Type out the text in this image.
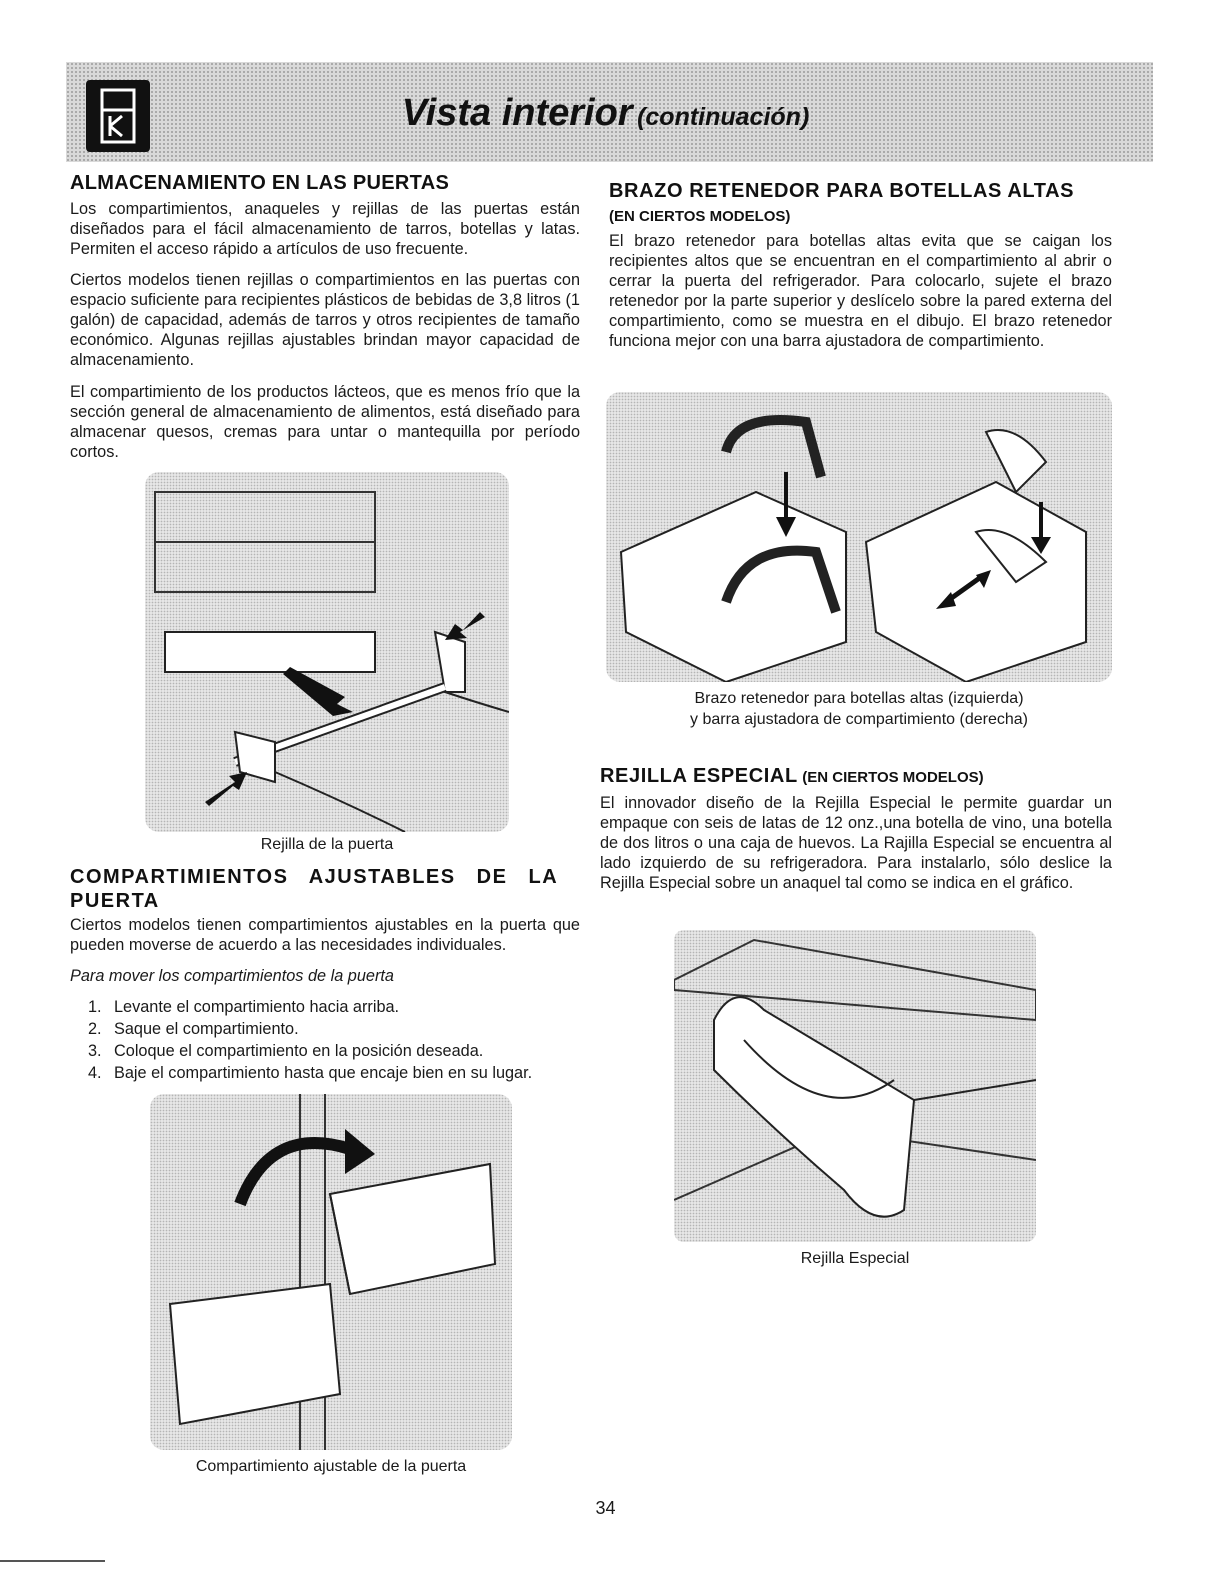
Vista interior (continuación)
ALMACENAMIENTO EN LAS PUERTAS

Los compartimientos, anaqueles y rejillas de las puertas están diseñados para el fácil almacenamiento de tarros, botellas y latas. Permiten el acceso rápido a artículos de uso frecuente.

Ciertos modelos tienen rejillas o compartimientos en las puertas con espacio suficiente para recipientes plásticos de bebidas de 3,8 litros (1 galón) de capacidad, además de tarros y otros recipientes de tamaño económico. Algunas rejillas ajustables brindan mayor capacidad de almacenamiento.

El compartimiento de los productos lácteos, que es menos frío que la sección general de almacenamiento de alimentos, está diseñado para almacenar quesos, cremas para untar o mantequilla por período cortos.

Rejilla de la puerta
COMPARTIMIENTOS AJUSTABLES DE LA PUERTA

Ciertos modelos tienen compartimientos ajustables en la puerta que pueden moverse de acuerdo a las necesidades individuales.

Para mover los compartimientos de la puerta

1. Levante el compartimiento hacia arriba.
2. Saque el compartimiento.
3. Coloque el compartimiento en la posición deseada.
4. Baje el compartimiento hasta que encaje bien en su lugar.
Compartimiento ajustable de la puerta
BRAZO RETENEDOR PARA BOTELLAS ALTAS
(EN CIERTOS MODELOS)

El brazo retenedor para botellas altas evita que se caigan los recipientes altos que se encuentran en el compartimiento al abrir o cerrar la puerta del refrigerador. Para colocarlo, sujete el brazo retenedor por la parte superior y deslícelo sobre la pared externa del compartimiento, como se muestra en el dibujo. El brazo retenedor funciona mejor con una barra ajustadora de compartimiento.

Brazo retenedor para botellas altas (izquierda)
y barra ajustadora de compartimiento (derecha)
REJILLA ESPECIAL (EN CIERTOS MODELOS)

El innovador diseño de la Rejilla Especial le permite guardar un empaque con seis de latas de 12 onz.,una botella de vino, una botella de dos litros o una caja de huevos. La Rajilla Especial se encuentra al lado izquierdo de su refrigeradora. Para instalarlo, sólo deslice la Rejilla Especial sobre un anaquel tal como se indica en el gráfico.

Rejilla Especial
34
